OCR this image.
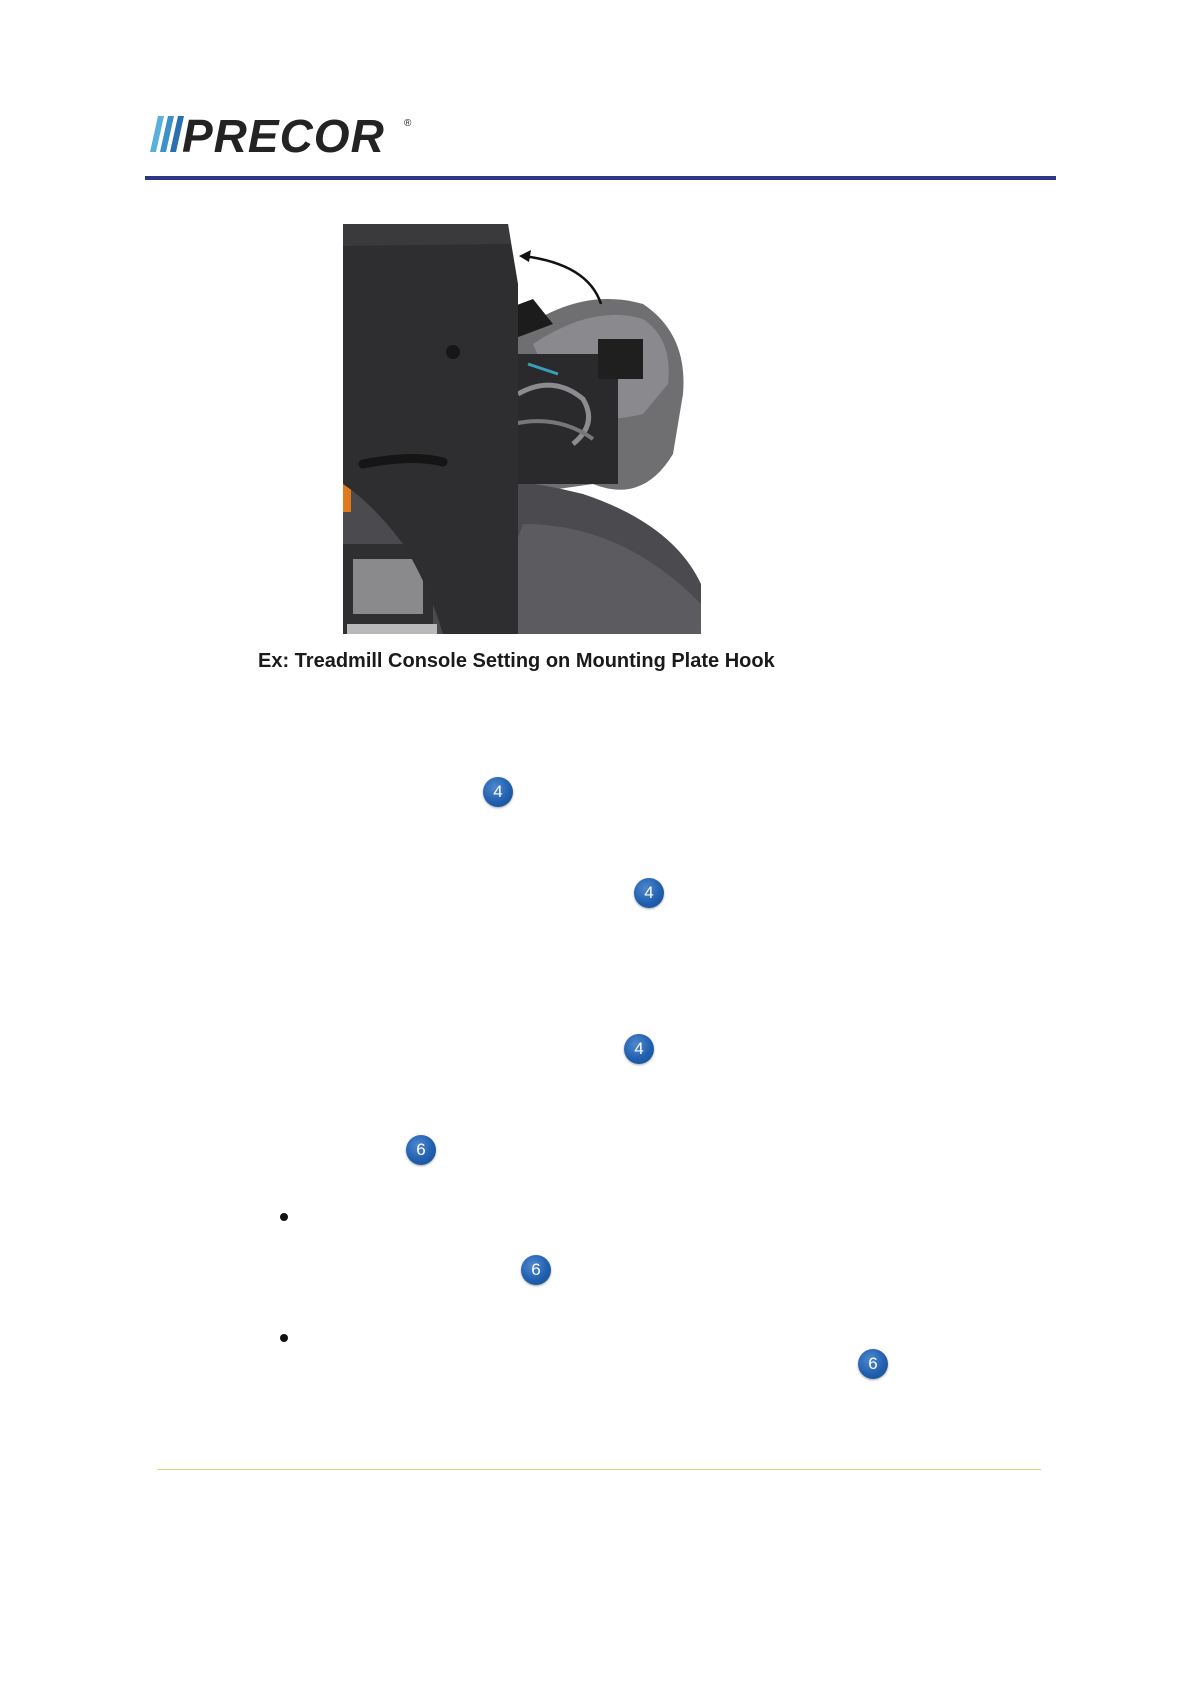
PRECOR ®
Ex: Treadmill Console Setting on Mounting Plate Hook
4
4
4
6
6
6
